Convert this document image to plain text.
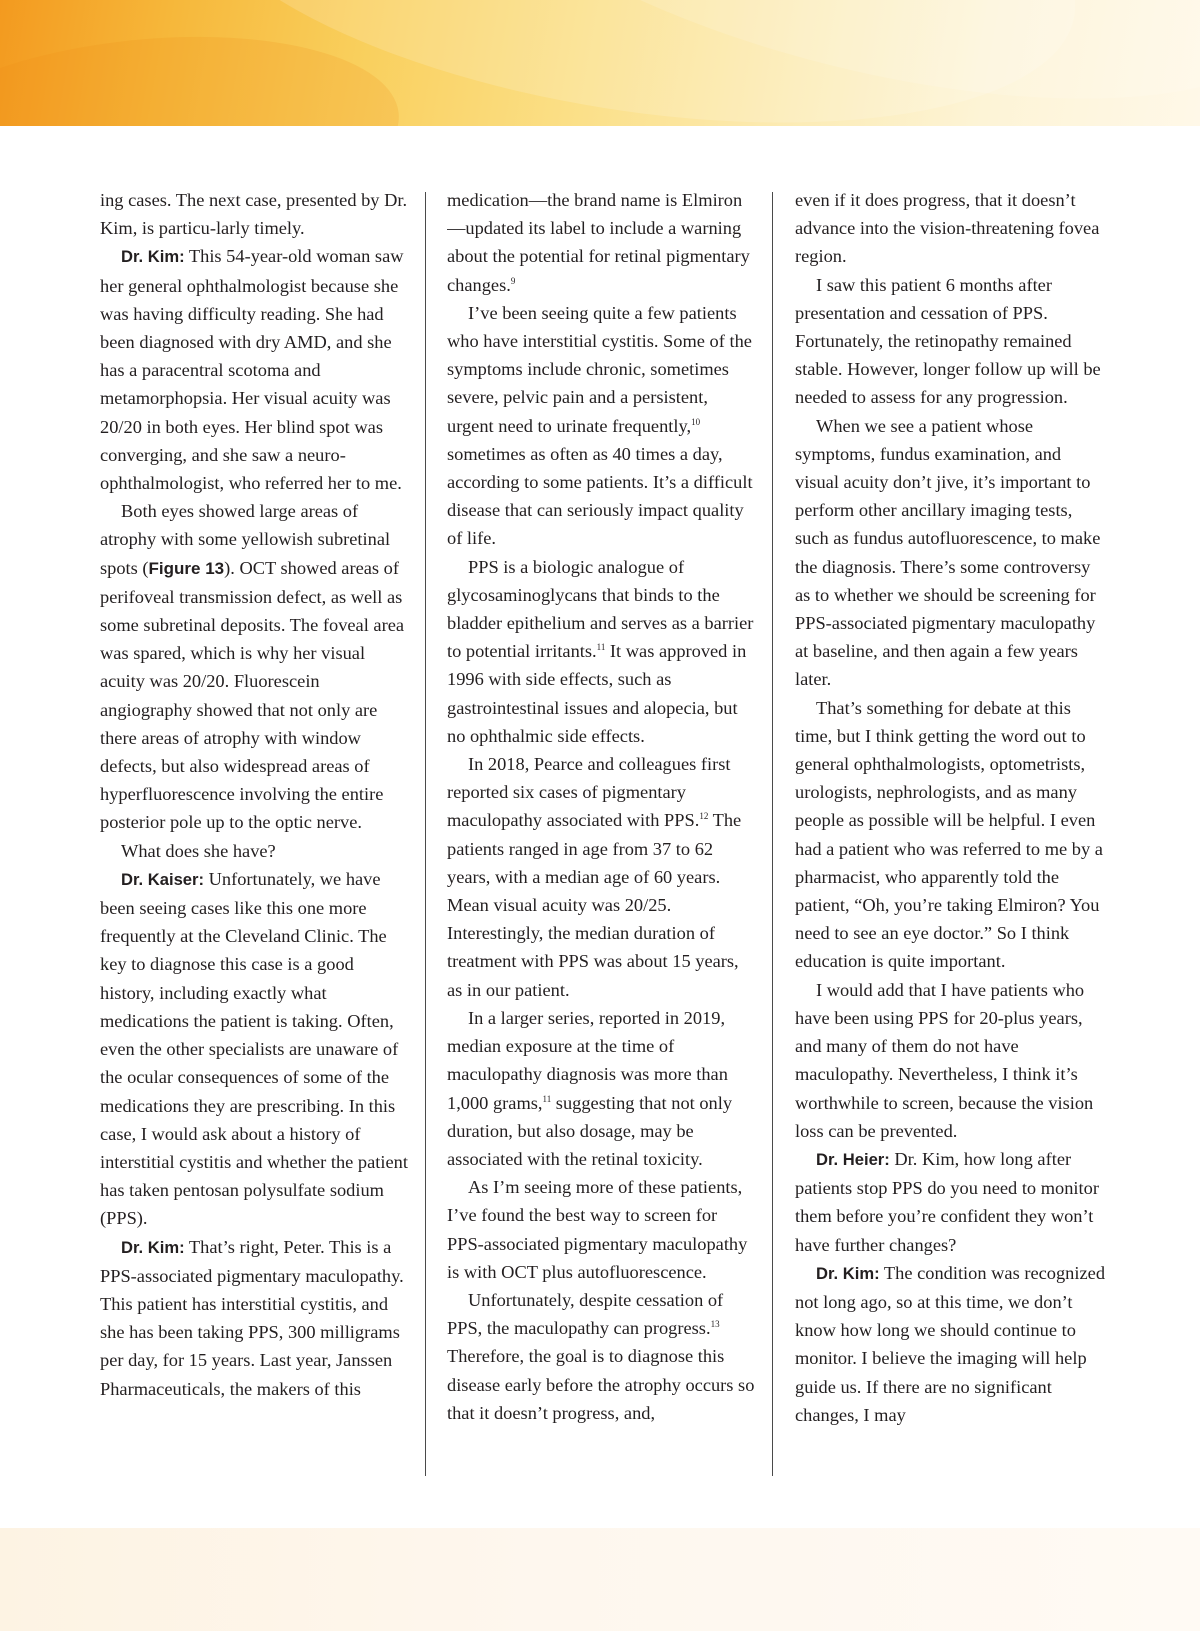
ing cases. The next case, presented by Dr. Kim, is particu-larly timely.

Dr. Kim: This 54-year-old woman saw her general ophthalmologist because she was having difficulty reading. She had been diagnosed with dry AMD, and she has a paracentral scotoma and metamorphopsia. Her visual acuity was 20/20 in both eyes. Her blind spot was converging, and she saw a neuro-ophthalmologist, who referred her to me.

Both eyes showed large areas of atrophy with some yellowish subretinal spots (Figure 13). OCT showed areas of perifoveal transmission defect, as well as some subretinal deposits. The foveal area was spared, which is why her visual acuity was 20/20. Fluorescein angiography showed that not only are there areas of atrophy with window defects, but also widespread areas of hyperfluorescence involving the entire posterior pole up to the optic nerve.

What does she have?

Dr. Kaiser: Unfortunately, we have been seeing cases like this one more frequently at the Cleveland Clinic. The key to diagnose this case is a good history, including exactly what medications the patient is taking. Often, even the other specialists are unaware of the ocular consequences of some of the medications they are prescribing. In this case, I would ask about a history of interstitial cystitis and whether the patient has taken pentosan polysulfate sodium (PPS).

Dr. Kim: That’s right, Peter. This is a PPS-associated pigmentary maculopathy. This patient has interstitial cystitis, and she has been taking PPS, 300 milligrams per day, for 15 years. Last year, Janssen Pharmaceuticals, the makers of this

medication—the brand name is Elmiron—updated its label to include a warning about the potential for retinal pigmentary changes.$^9$

I’ve been seeing quite a few patients who have interstitial cystitis. Some of the symptoms include chronic, sometimes severe, pelvic pain and a persistent, urgent need to urinate frequently,$^{10}$ sometimes as often as 40 times a day, according to some patients. It’s a difficult disease that can seriously impact quality of life.

PPS is a biologic analogue of glycosaminoglycans that binds to the bladder epithelium and serves as a barrier to potential irritants.$^{11}$ It was approved in 1996 with side effects, such as gastrointestinal issues and alopecia, but no ophthalmic side effects.

In 2018, Pearce and colleagues first reported six cases of pigmentary maculopathy associated with PPS.$^{12}$ The patients ranged in age from 37 to 62 years, with a median age of 60 years. Mean visual acuity was 20/25. Interestingly, the median duration of treatment with PPS was about 15 years, as in our patient.

In a larger series, reported in 2019, median exposure at the time of maculopathy diagnosis was more than 1,000 grams,$^{11}$ suggesting that not only duration, but also dosage, may be associated with the retinal toxicity.

As I’m seeing more of these patients, I’ve found the best way to screen for PPS-associated pigmentary maculopathy is with OCT plus autofluorescence.

Unfortunately, despite cessation of PPS, the maculopathy can progress.$^{13}$ Therefore, the goal is to diagnose this disease early before the atrophy occurs so that it doesn’t progress, and,

even if it does progress, that it doesn’t advance into the vision-threatening fovea region.

I saw this patient 6 months after presentation and cessation of PPS. Fortunately, the retinopathy remained stable. However, longer follow up will be needed to assess for any progression.

When we see a patient whose symptoms, fundus examination, and visual acuity don’t jive, it’s important to perform other ancillary imaging tests, such as fundus autofluorescence, to make the diagnosis. There’s some controversy as to whether we should be screening for PPS-associated pigmentary maculopathy at baseline, and then again a few years later.

That’s something for debate at this time, but I think getting the word out to general ophthalmologists, optometrists, urologists, nephrologists, and as many people as possible will be helpful. I even had a patient who was referred to me by a pharmacist, who apparently told the patient, “Oh, you’re taking Elmiron? You need to see an eye doctor.” So I think education is quite important.

I would add that I have patients who have been using PPS for 20-plus years, and many of them do not have maculopathy. Nevertheless, I think it’s worthwhile to screen, because the vision loss can be prevented.

Dr. Heier: Dr. Kim, how long after patients stop PPS do you need to monitor them before you’re confident they won’t have further changes?

Dr. Kim: The condition was recognized not long ago, so at this time, we don’t know how long we should continue to monitor. I believe the imaging will help guide us. If there are no significant changes, I may
